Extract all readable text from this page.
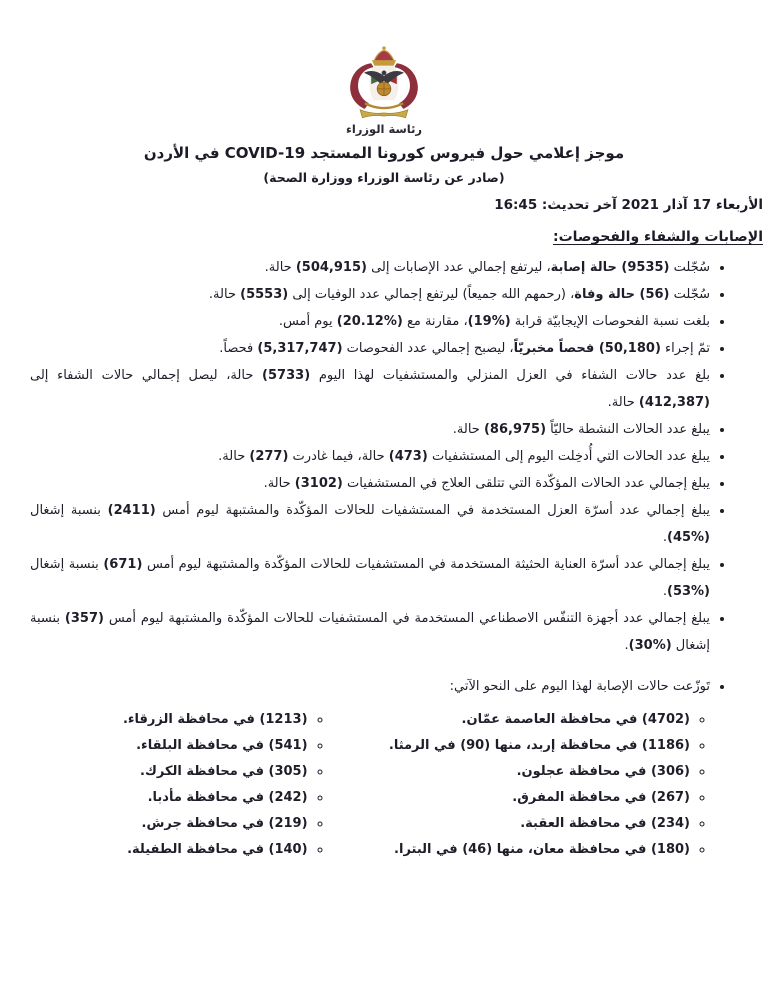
رئاسة الوزراء
موجز إعلامي حول فيروس كورونا المستجد COVID-19 في الأردن
(صادر عن رئاسة الوزراء ووزارة الصحة)
الأربعاء 17 آذار 2021 آخر تحديث: 16:45
الإصابات والشفاء والفحوصات:
• سُجّلت (9535) حالة إصابة، ليرتفع إجمالي عدد الإصابات إلى (504,915) حالة.
• سُجّلت (56) حالة وفاة، (رحمهم الله جميعاً) ليرتفع إجمالي عدد الوفيات إلى (5553) حالة.
• بلغت نسبة الفحوصات الإيجابيّة قرابة (%19)، مقارنة مع (%20.12) يوم أمس.
• تمّ إجراء (50,180) فحصاً مخبريّاً، ليصبح إجمالي عدد الفحوصات (5,317,747) فحصاً.
• بلغ عدد حالات الشفاء في العزل المنزلي والمستشفيات لهذا اليوم (5733) حالة، ليصل إجمالي حالات الشفاء إلى (412,387) حالة.
• يبلغ عدد الحالات النشطة حاليّاً (86,975) حالة.
• يبلغ عدد الحالات التي أُدخِلت اليوم إلى المستشفيات (473) حالة، فيما غادرت (277) حالة.
• يبلغ إجمالي عدد الحالات المؤكّدة التي تتلقى العلاج في المستشفيات (3102) حالة.
• يبلغ إجمالي عدد أسرّة العزل المستخدمة في المستشفيات للحالات المؤكّدة والمشتبهة ليوم أمس (2411) بنسبة إشغال (%45).
• يبلغ إجمالي عدد أسرّة العناية الحثيثة المستخدمة في المستشفيات للحالات المؤكّدة والمشتبهة ليوم أمس (671) بنسبة إشغال (%53).
• يبلغ إجمالي عدد أجهزة التنفّس الاصطناعي المستخدمة في المستشفيات للحالات المؤكّدة والمشتبهة ليوم أمس (357) بنسبة إشغال (%30).
• تَوزّعت حالات الإصابة لهذا اليوم على النحو الآتي:
◦ (4702) في محافظة العاصمة عمّان.
◦ (1186) في محافظة إربد، منها (90) في الرمثا.
◦ (306) في محافظة عجلون.
◦ (267) في محافظة المفرق.
◦ (234) في محافظة العقبة.
◦ (180) في محافظة معان، منها (46) في البترا.
◦ (1213) في محافظة الزرقاء.
◦ (541) في محافظة البلقاء.
◦ (305) في محافظة الكرك.
◦ (242) في محافظة مأدبا.
◦ (219) في محافظة جرش.
◦ (140) في محافظة الطفيلة.
